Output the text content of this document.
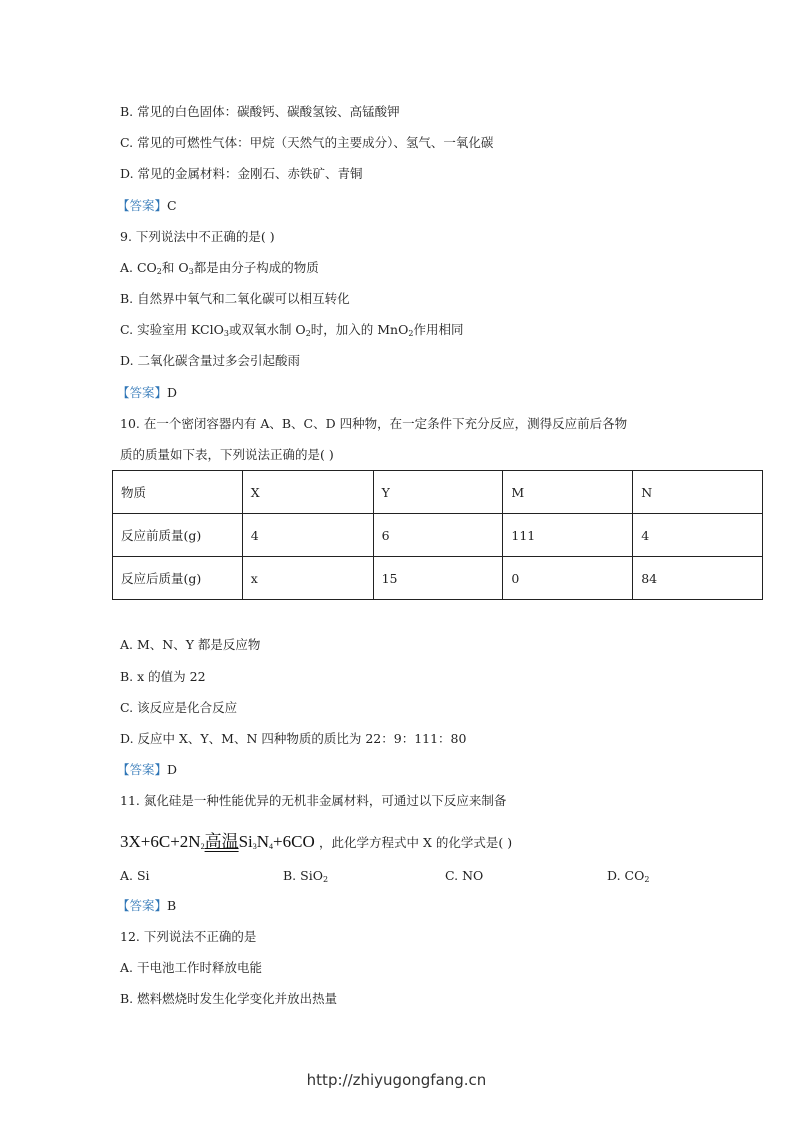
B. 常见的白色固体：碳酸钙、碳酸氢铵、高锰酸钾
C. 常见的可燃性气体：甲烷（天然气的主要成分）、氢气、一氧化碳
D. 常见的金属材料：金刚石、赤铁矿、青铜
【答案】C
9. 下列说法中不正确的是( )
A. $CO_2$和 $O_3$都是由分子构成的物质
B. 自然界中氧气和二氧化碳可以相互转化
C. 实验室用 KClO$_3$或双氧水制 $O_2$时，加入的 MnO$_2$作用相同
D. 二氧化碳含量过多会引起酸雨
【答案】D
10. 在一个密闭容器内有 A、B、C、D 四种物，在一定条件下充分反应，测得反应前后各物
质的质量如下表，下列说法正确的是( )
物质	X	Y	M	N
反应前质量(g)	4	6	111	4
反应后质量(g)	x	15	0	84
A. M、N、Y 都是反应物
B. x 的值为 22
C. 该反应是化合反应
D. 反应中 X、Y、M、N 四种物质的质比为 22：9：111：80
【答案】D
11. 氮化硅是一种性能优异的无机非金属材料，可通过以下反应来制备
$3X+6C+2N_2$高温$Si_3N_4+6CO$ ，此化学方程式中 X 的化学式是( )
A. Si	B. SiO$_2$	C. NO	D. $CO_2$
【答案】B
12. 下列说法不正确的是
A. 干电池工作时释放电能
B. 燃料燃烧时发生化学变化并放出热量
http://zhiyugongfang.cn
